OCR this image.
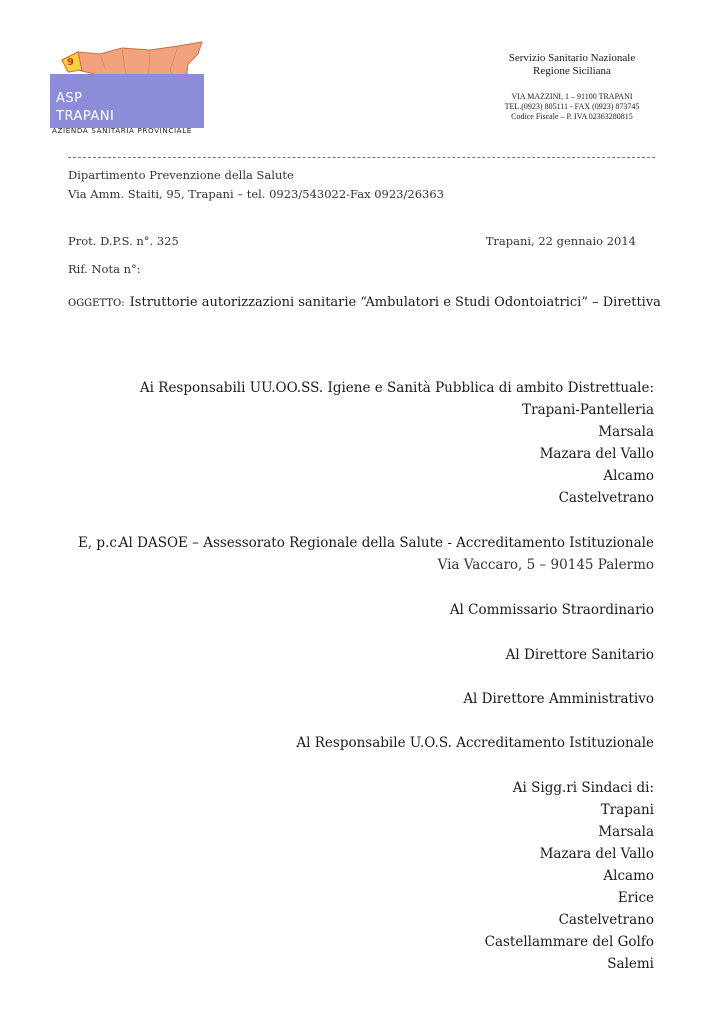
9
ASP
TRAPANI
AZIENDA SANITARIA PROVINCIALE
Servizio Sanitario Nazionale
Regione Siciliana
VIA MAZZINI, 1 – 91100 TRAPANI
TEL.(0923) 805111 - FAX (0923) 873745
Codice Fiscale – P. IVA 02363280815
Dipartimento Prevenzione della Salute
Via Amm. Staiti, 95, Trapani – tel. 0923/543022-Fax 0923/26363
Prot. D.P.S. n°. 325	Trapani, 22 gennaio 2014
Rif. Nota n°:
OGGETTO: Istruttorie autorizzazioni sanitarie “Ambulatori e Studi Odontoiatrici” – Direttiva
Ai Responsabili UU.OO.SS. Igiene e Sanità Pubblica di ambito Distrettuale:
Trapani-Pantelleria
Marsala
Mazara del Vallo
Alcamo
Castelvetrano
E, p.c.
Al DASOE – Assessorato Regionale della Salute - Accreditamento Istituzionale
Via Vaccaro, 5 – 90145 Palermo
Al Commissario Straordinario
Al Direttore Sanitario
Al Direttore Amministrativo
Al Responsabile U.O.S. Accreditamento Istituzionale
Ai Sigg.ri Sindaci di:
Trapani
Marsala
Mazara del Vallo
Alcamo
Erice
Castelvetrano
Castellammare del Golfo
Salemi
